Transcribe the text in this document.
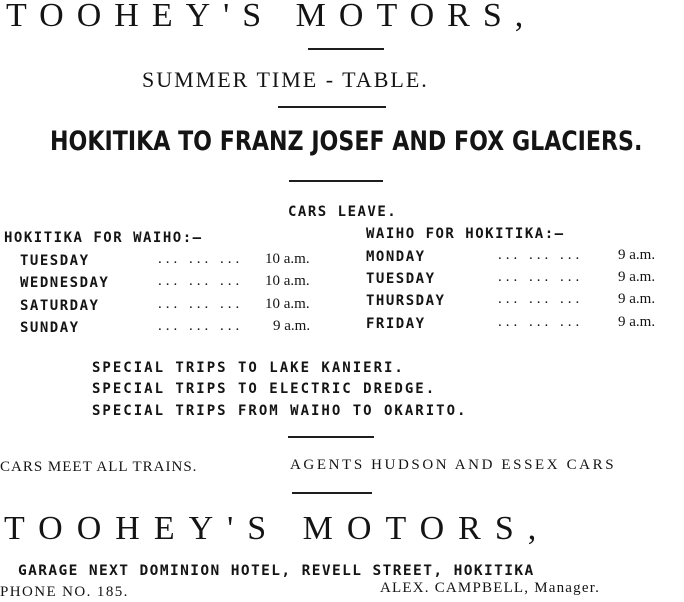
TOOHEY'S MOTORS,
SUMMER TIME - TABLE.
HOKITIKA TO FRANZ JOSEF AND FOX GLACIERS.
CARS LEAVE.
HOKITIKA FOR WAIHO:—
TUESDAY	... ... ... 10 a.m.
WEDNESDAY	... ... ... 10 a.m.
SATURDAY	... ... ... 10 a.m.
SUNDAY	... ... ... 9 a.m.
WAIHO FOR HOKITIKA:—
MONDAY	... ... ... 9 a.m.
TUESDAY	... ... ... 9 a.m.
THURSDAY	... ... ... 9 a.m.
FRIDAY	... ... ... 9 a.m.
SPECIAL TRIPS TO LAKE KANIERI.
SPECIAL TRIPS TO ELECTRIC DREDGE.
SPECIAL TRIPS FROM WAIHO TO OKARITO.
CARS MEET ALL TRAINS.	AGENTS HUDSON AND ESSEX CARS
TOOHEY'S MOTORS,
GARAGE NEXT DOMINION HOTEL, REVELL STREET, HOKITIKA
PHONE NO. 185.	ALEX. CAMPBELL, Manager.
